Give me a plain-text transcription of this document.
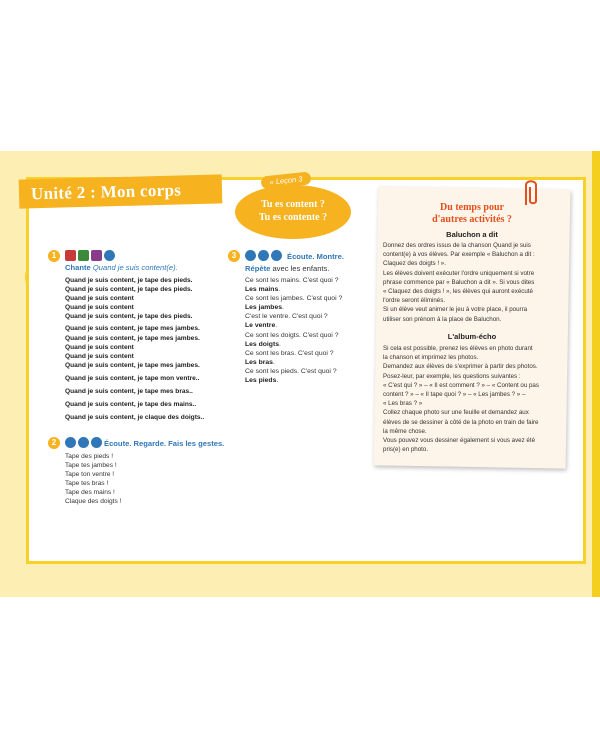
Unité 2 : Mon corps	« Leçon 3
Tu es content ?
Tu es contente ?
1
Chante Quand je suis content(e).
Quand je suis content, je tape des pieds.
Quand je suis content, je tape des pieds.
Quand je suis content
Quand je suis content
Quand je suis content, je tape des pieds.
Quand je suis content, je tape mes jambes.
Quand je suis content, je tape mes jambes.
Quand je suis content
Quand je suis content
Quand je suis content, je tape mes jambes.
Quand je suis content, je tape mon ventre..
Quand je suis content, je tape mes bras..
Quand je suis content, je tape des mains..
Quand je suis content, je claque des doigts..
2	Écoute. Regarde. Fais les gestes.
Tape des pieds !
Tape tes jambes !
Tape ton ventre !
Tape tes bras !
Tape des mains !
Claque des doigts !
3	Écoute. Montre.
Répète avec les enfants.
Ce sont les mains. C'est quoi ?
Les mains.
Ce sont les jambes. C'est quoi ?
Les jambes.
C'est le ventre. C'est quoi ?
Le ventre.
Ce sont les doigts. C'est quoi ?
Les doigts.
Ce sont les bras. C'est quoi ?
Les bras.
Ce sont les pieds. C'est quoi ?
Les pieds.
Du temps pour
d'autres activités ?
Baluchon a dit
Donnez des ordres issus de la chanson Quand je suis
content(e) à vos élèves. Par exemple « Baluchon a dit :
Claquez des doigts ! ».
Les élèves doivent exécuter l'ordre uniquement si votre
phrase commence par « Baluchon a dit ». Si vous dites
« Claquez des doigts ! », les élèves qui auront exécuté
l'ordre seront éliminés.
Si un élève veut animer le jeu à votre place, il pourra
utiliser son prénom à la place de Baluchon.
L'album-écho
Si cela est possible, prenez les élèves en photo durant
la chanson et imprimez les photos.
Demandez aux élèves de s'exprimer à partir des photos.
Posez-leur, par exemple, les questions suivantes :
« C'est qui ? » – « Il est comment ? » – « Content ou pas
content ? » – « Il tape quoi ? » – « Les jambes ? » –
« Les bras ? »
Collez chaque photo sur une feuille et demandez aux
élèves de se dessiner à côté de la photo en train de faire
la même chose.
Vous pouvez vous dessiner également si vous avez été
pris(e) en photo.
